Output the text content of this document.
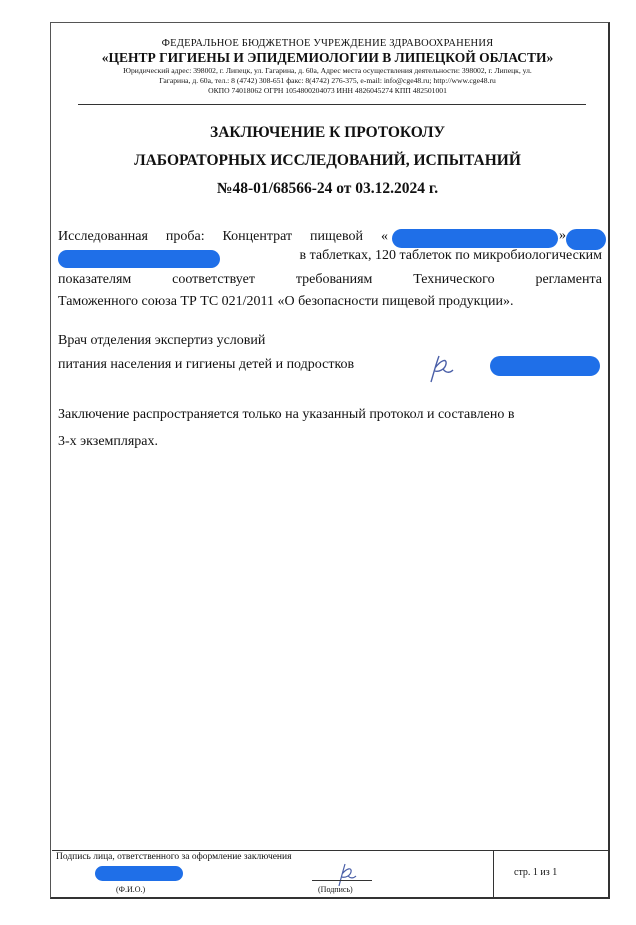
ФЕДЕРАЛЬНОЕ БЮДЖЕТНОЕ УЧРЕЖДЕНИЕ ЗДРАВООХРАНЕНИЯ
«ЦЕНТР ГИГИЕНЫ И ЭПИДЕМИОЛОГИИ В ЛИПЕЦКОЙ ОБЛАСТИ»
Юридический адрес: 398002, г. Липецк, ул. Гагарина, д. 60а, Адрес места осуществления деятельности: 398002, г. Липецк, ул.
Гагарина, д. 60а, тел.: 8 (4742) 308-651 факс: 8(4742) 276-375, e-mail: info@cge48.ru; http://www.cge48.ru
ОКПО 74018062 ОГРН 1054800204073 ИНН 4826045274 КПП 482501001
ЗАКЛЮЧЕНИЕ К ПРОТОКОЛУ
ЛАБОРАТОРНЫХ ИССЛЕДОВАНИЙ, ИСПЫТАНИЙ
№48-01/68566-24 от 03.12.2024 г.
Исследованная проба: Концентрат пищевой «	»
в таблетках, 120 таблеток по микробиологическим
показателям	соответствует	требованиям	Технического	регламента
Таможенного союза ТР ТС 021/2011 «О безопасности пищевой продукции».
Врач отделения экспертиз условий
питания населения и гигиены детей и подростков
Заключение распространяется только на указанный протокол и составлено в
3-х экземплярах.
Подпись лица, ответственного за оформление заключения
(Ф.И.О.)	(Подпись)
стр. 1 из 1
